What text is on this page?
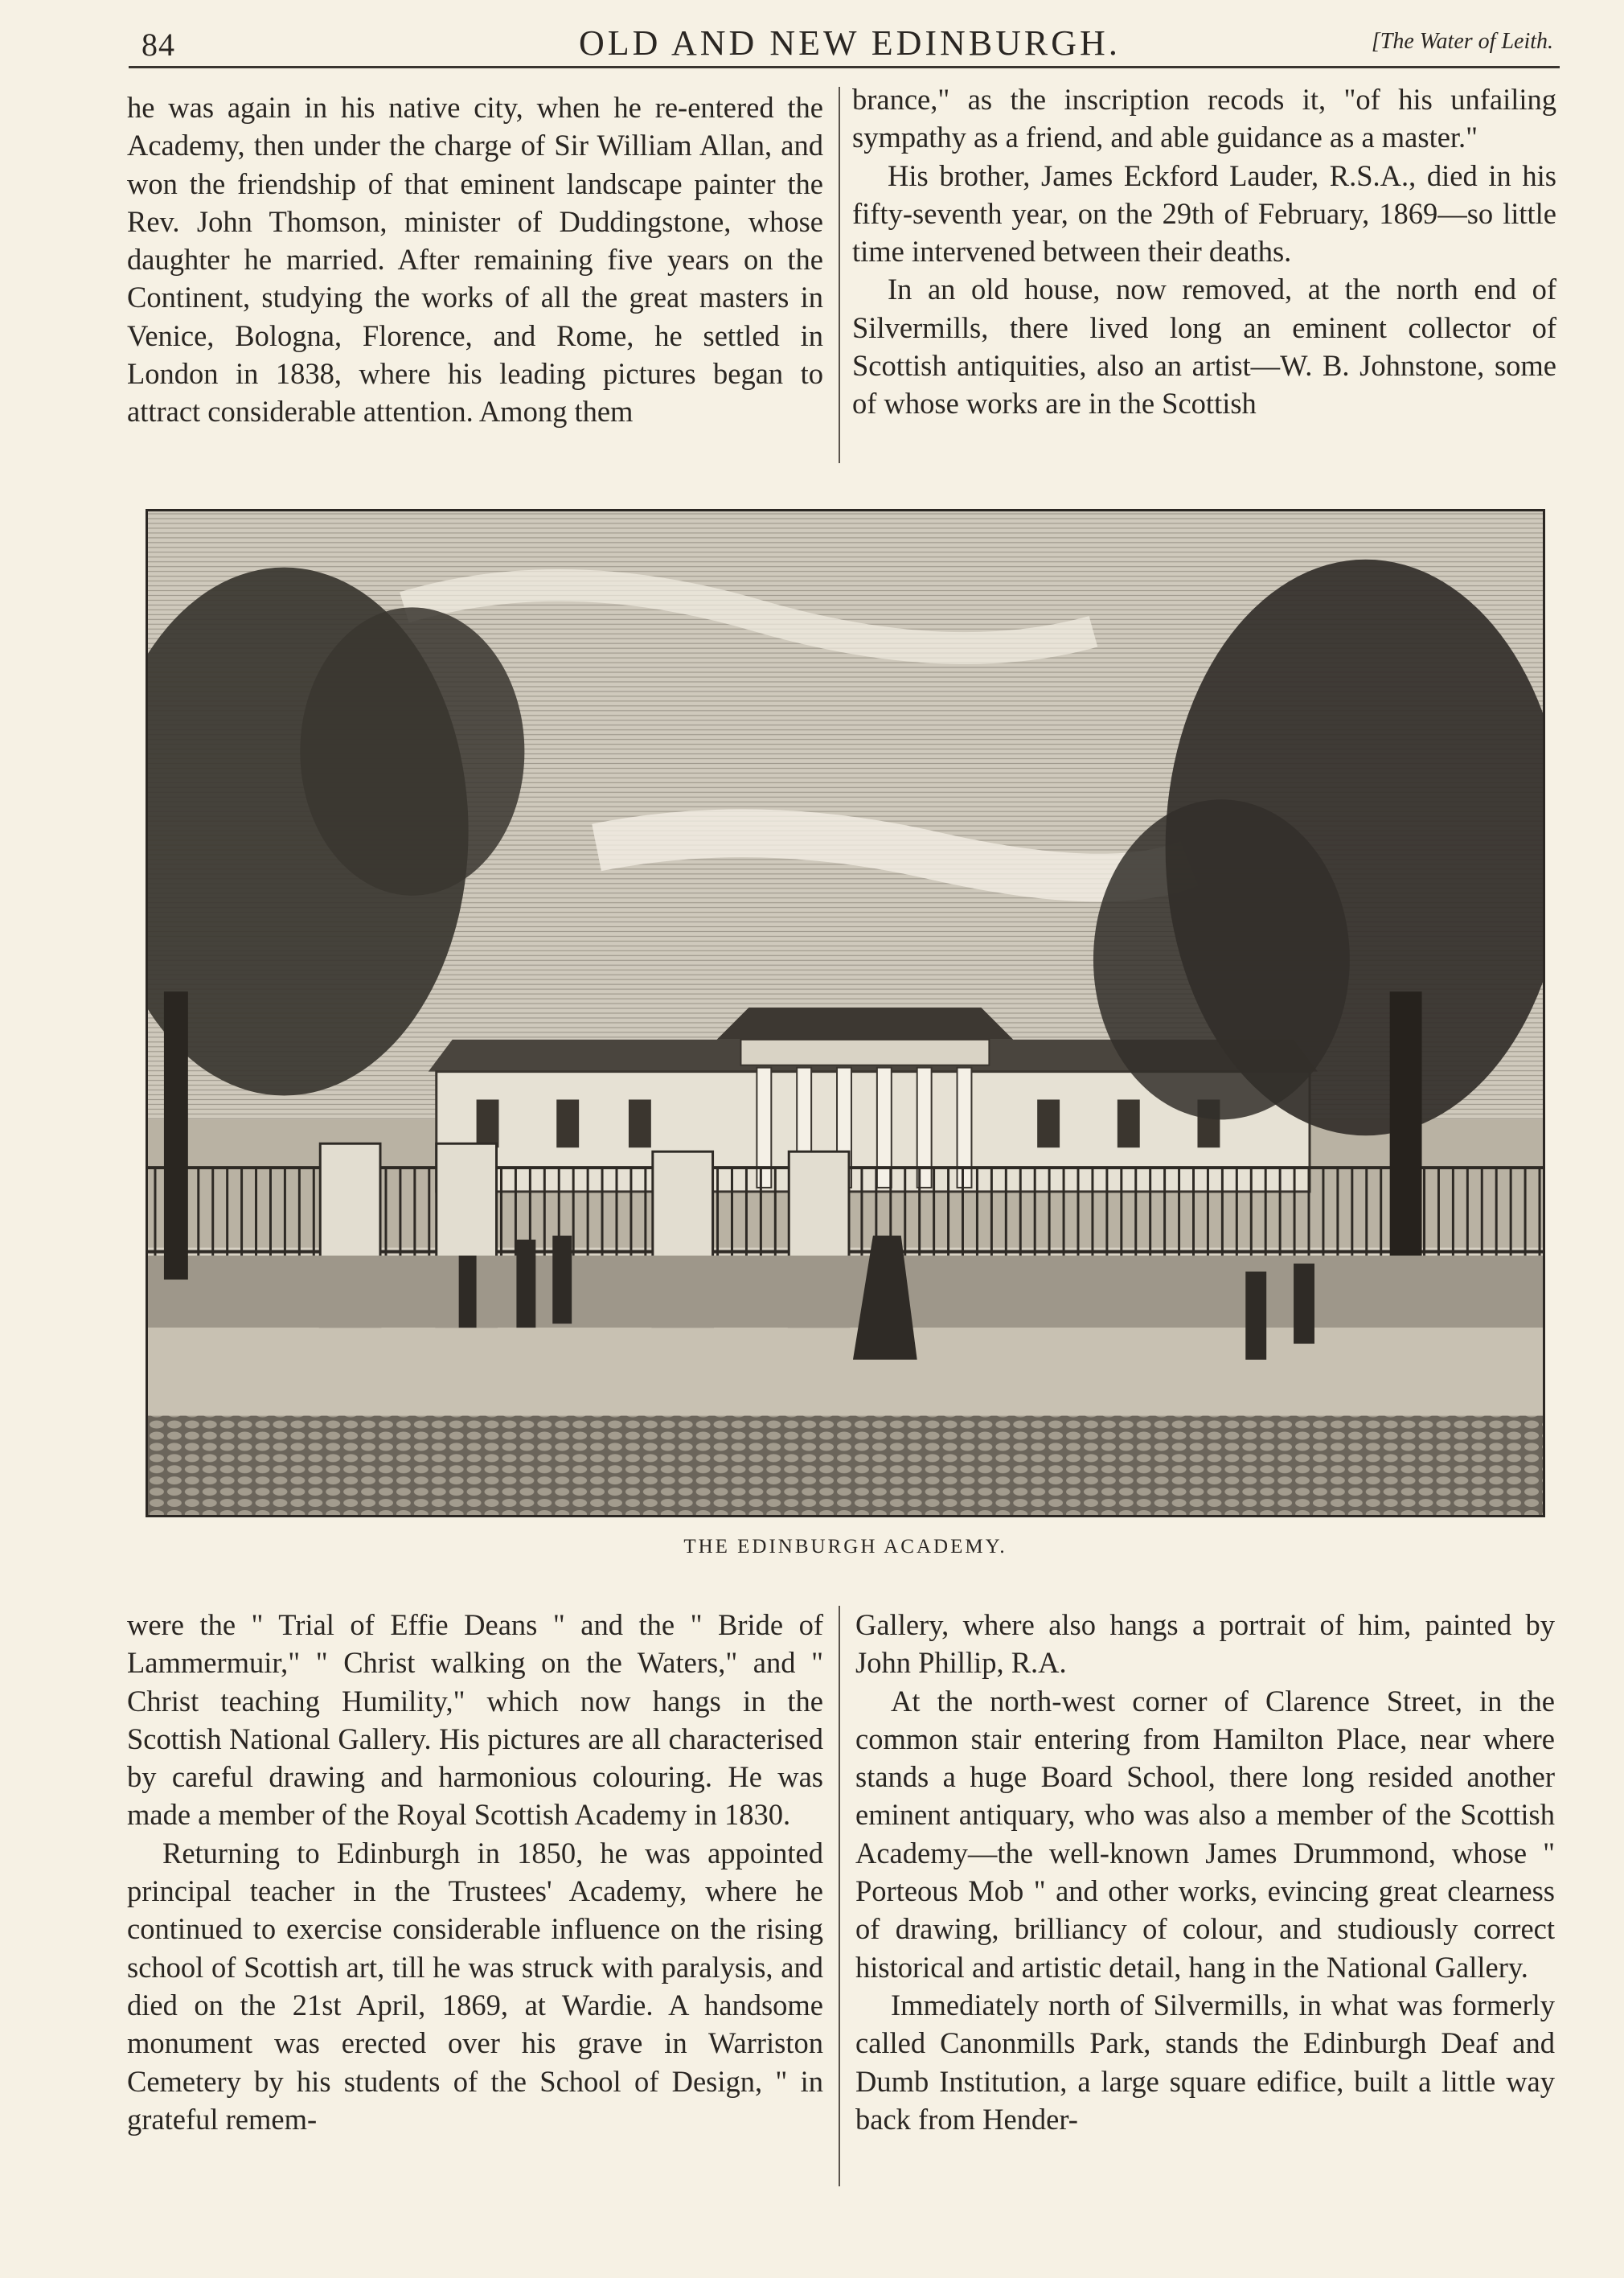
84	OLD AND NEW EDINBURGH.	[The Water of Leith.

he was again in his native city, when he re-entered the Academy, then under the charge of Sir William Allan, and won the friendship of that eminent landscape painter the Rev. John Thomson, minister of Duddingstone, whose daughter he married. After remaining five years on the Continent, studying the works of all the great masters in Venice, Bologna, Florence, and Rome, he settled in London in 1838, where his leading pictures began to attract considerable attention. Among them

brance," as the inscription recods it, "of his unfailing sympathy as a friend, and able guidance as a master."

His brother, James Eckford Lauder, R.S.A., died in his fifty-seventh year, on the 29th of February, 1869—so little time intervened between their deaths.

In an old house, now removed, at the north end of Silvermills, there lived long an eminent collector of Scottish antiquities, also an artist—W. B. Johnstone, some of whose works are in the Scottish

THE EDINBURGH ACADEMY.

were the " Trial of Effie Deans " and the " Bride of Lammermuir," " Christ walking on the Waters," and " Christ teaching Humility," which now hangs in the Scottish National Gallery. His pictures are all characterised by careful drawing and harmonious colouring. He was made a member of the Royal Scottish Academy in 1830.

Returning to Edinburgh in 1850, he was appointed principal teacher in the Trustees' Academy, where he continued to exercise considerable influence on the rising school of Scottish art, till he was struck with paralysis, and died on the 21st April, 1869, at Wardie. A handsome monument was erected over his grave in Warriston Cemetery by his students of the School of Design, " in grateful remem-

Gallery, where also hangs a portrait of him, painted by John Phillip, R.A.

At the north-west corner of Clarence Street, in the common stair entering from Hamilton Place, near where stands a huge Board School, there long resided another eminent antiquary, who was also a member of the Scottish Academy—the well-known James Drummond, whose " Porteous Mob " and other works, evincing great clearness of drawing, brilliancy of colour, and studiously correct historical and artistic detail, hang in the National Gallery.

Immediately north of Silvermills, in what was formerly called Canonmills Park, stands the Edinburgh Deaf and Dumb Institution, a large square edifice, built a little way back from Hender-
